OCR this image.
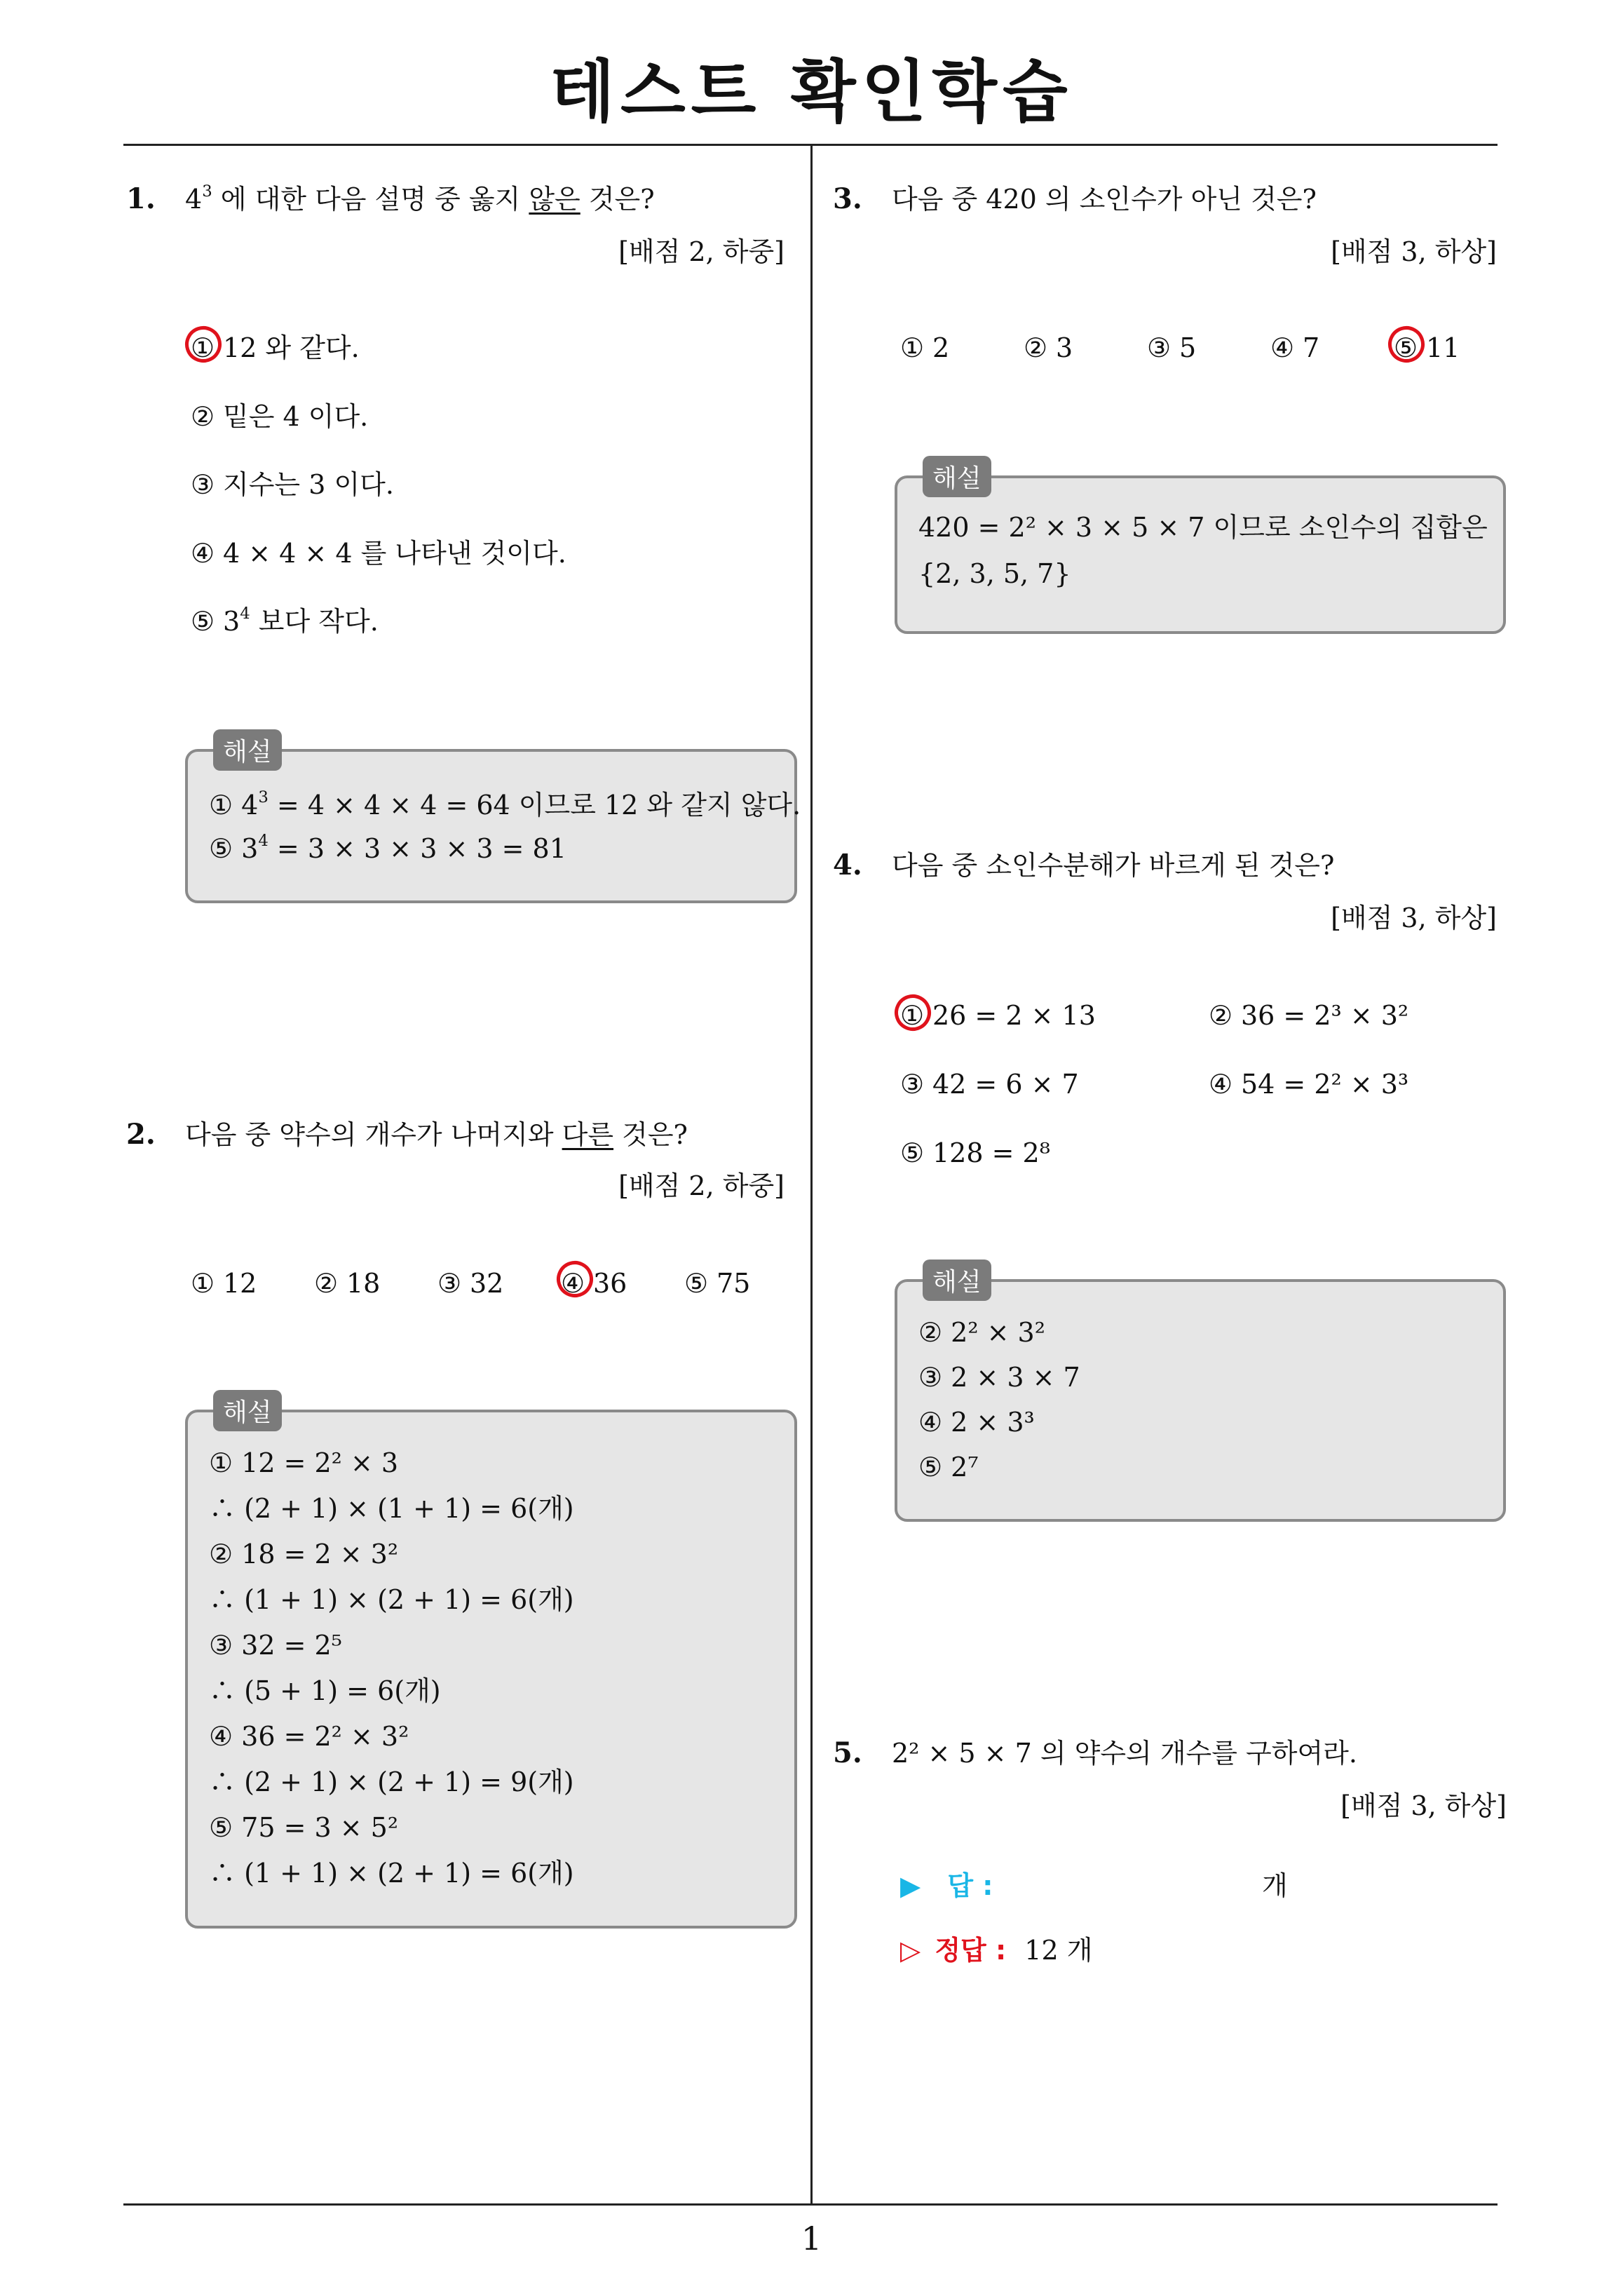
테스트 확인학습
1
1. $4^3$ 에 대한 다음 설명 중 옳지 않은 것은?
[배점 2, 하중]
① 12 와 같다.
② 밑은 4 이다.
③ 지수는 3 이다.
④ 4 × 4 × 4 를 나타낸 것이다.
⑤ $3^4$ 보다 작다.
해설
① $4^3 = 4 \times 4 \times 4 = 64$ 이므로 12 와 같지 않다.
⑤ $3^4 = 3 \times 3 \times 3 \times 3 = 81$
2. 다음 중 약수의 개수가 나머지와 다른 것은?
[배점 2, 하중]
① 12 ② 18 ③ 32 ④ 36 ⑤ 75
해설
① 12 = 2² × 3
∴ (2 + 1) × (1 + 1) = 6(개)
② 18 = 2 × 3²
∴ (1 + 1) × (2 + 1) = 6(개)
③ 32 = 2⁵
∴ (5 + 1) = 6(개)
④ 36 = 2² × 3²
∴ (2 + 1) × (2 + 1) = 9(개)
⑤ 75 = 3 × 5²
∴ (1 + 1) × (2 + 1) = 6(개)
3. 다음 중 420 의 소인수가 아닌 것은?
[배점 3, 하상]
① 2	② 3	③ 5	④ 7	⑤ 11
해설
420 = 2² × 3 × 5 × 7 이므로 소인수의 집합은
{2, 3, 5, 7}
4. 다음 중 소인수분해가 바르게 된 것은?
[배점 3, 하상]
① 26 = 2 × 13	② 36 = 2³ × 3²
③ 42 = 6 × 7	④ 54 = 2² × 3³
⑤ 128 = 2⁸
해설
② 2² × 3²
③ 2 × 3 × 7
④ 2 × 3³
⑤ 2⁷
5. 2² × 5 × 7 의 약수의 개수를 구하여라.
[배점 3, 하상]
▶ 답 :	개
▷ 정답 : 12 개
